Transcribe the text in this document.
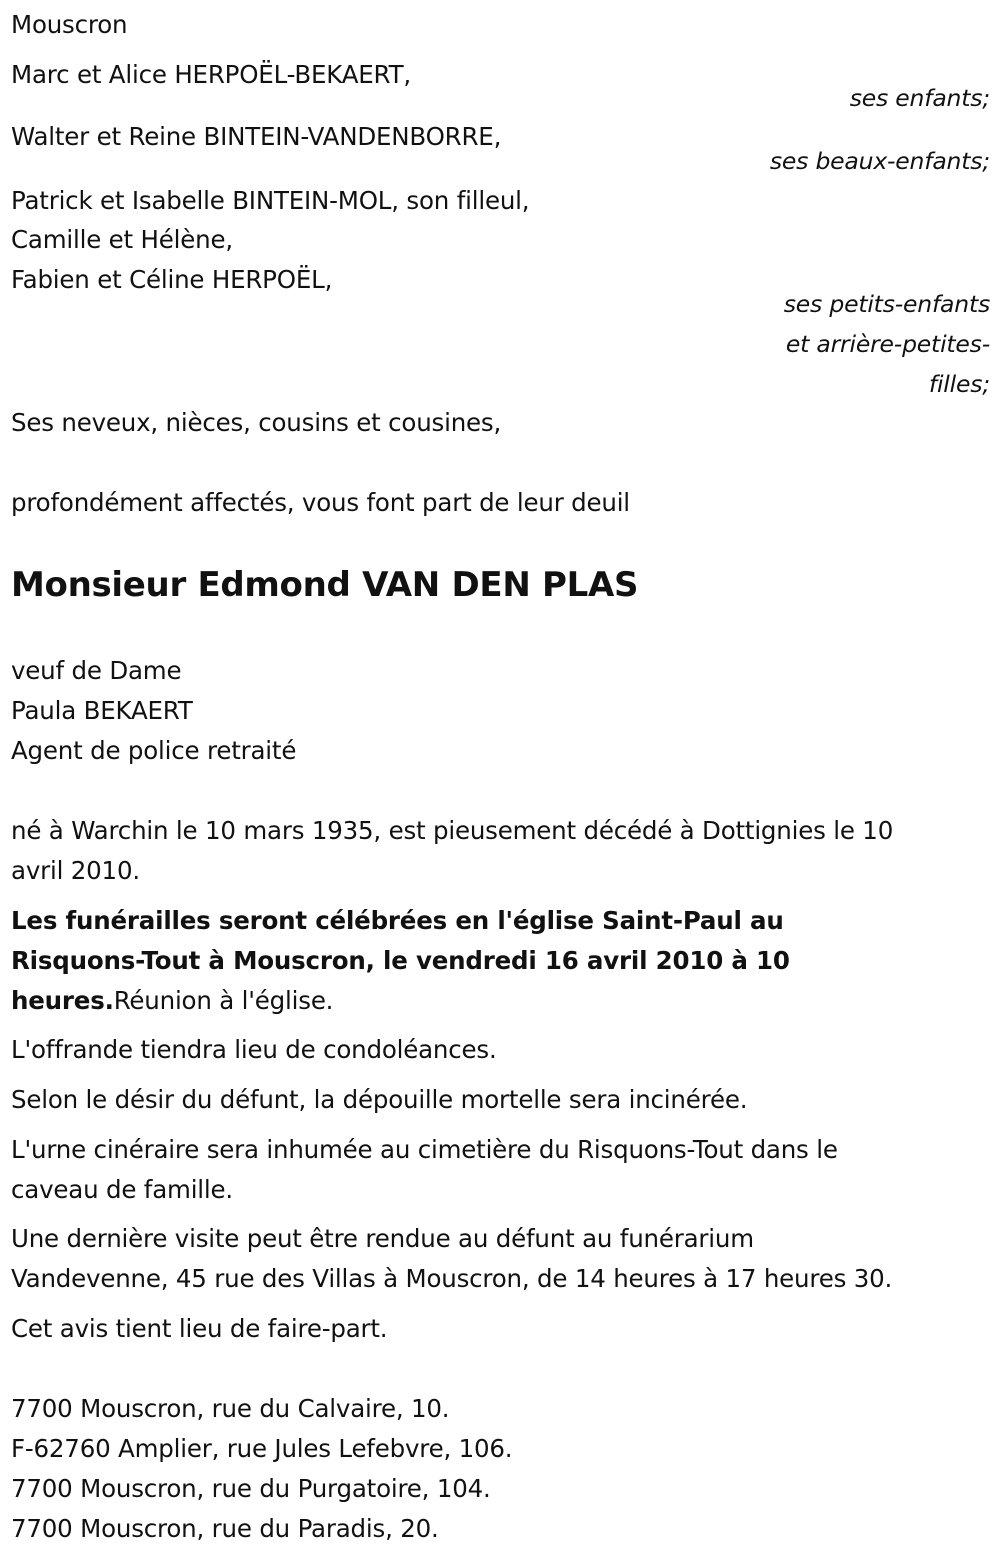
Mouscron
Marc et Alice HERPOËL-BEKAERT,
ses enfants;
Walter et Reine BINTEIN-VANDENBORRE,
ses beaux-enfants;
Patrick et Isabelle BINTEIN-MOL, son filleul,
Camille et Hélène,
Fabien et Céline HERPOËL,
ses petits-enfants
et arrière-petites-
filles;
Ses neveux, nièces, cousins et cousines,
profondément affectés, vous font part de leur deuil
Monsieur Edmond VAN DEN PLAS
veuf de Dame
Paula BEKAERT
Agent de police retraité
né à Warchin le 10 mars 1935, est pieusement décédé à Dottignies le 10
avril 2010.
Les funérailles seront célébrées en l'église Saint-Paul au
Risquons-Tout à Mouscron, le vendredi 16 avril 2010 à 10
heures.Réunion à l'église.
L'offrande tiendra lieu de condoléances.
Selon le désir du défunt, la dépouille mortelle sera incinérée.
L'urne cinéraire sera inhumée au cimetière du Risquons-Tout dans le
caveau de famille.
Une dernière visite peut être rendue au défunt au funérarium
Vandevenne, 45 rue des Villas à Mouscron, de 14 heures à 17 heures 30.
Cet avis tient lieu de faire-part.
7700 Mouscron, rue du Calvaire, 10.
F-62760 Amplier, rue Jules Lefebvre, 106.
7700 Mouscron, rue du Purgatoire, 104.
7700 Mouscron, rue du Paradis, 20.
